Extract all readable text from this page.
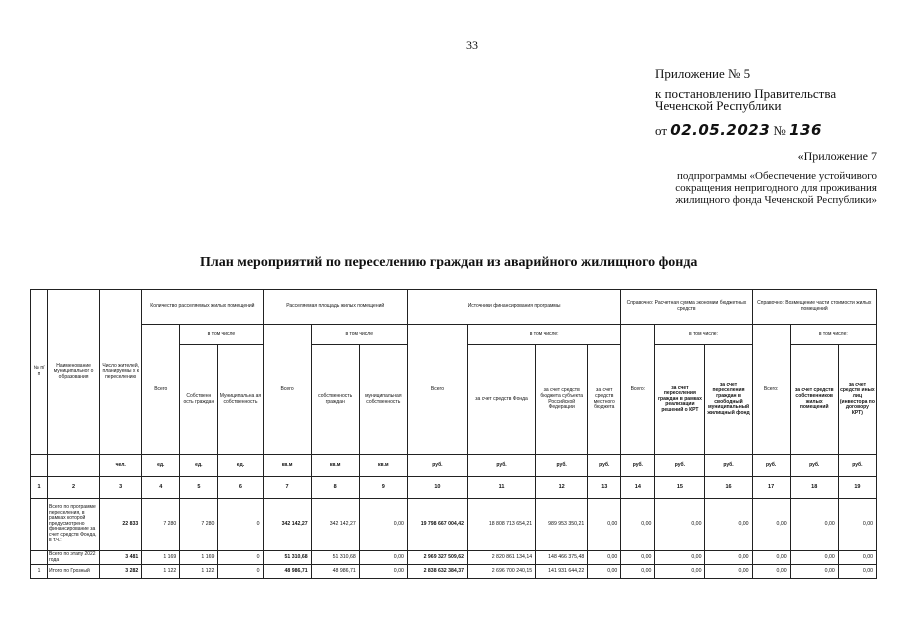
33
Приложение № 5
к постановлению Правительства
Чеченской Республики
от 02.05.2023 № 136
«Приложение 7
подпрограммы «Обеспечение устойчивого
сокращения непригодного для проживания
жилищного фонда Чеченской Республики»
План мероприятий по переселению граждан из аварийного жилищного фонда
№ п/ п	Наименование муниципальног о образования	Число жителей, планируемы х к переселению	Количество расселяемых жилых помещений			Расселяемая площадь жилых помещений			Источники финансирования программы				Справочно: Расчетная сумма экономии бюджетных средств			Справочно: Возмещение части стоимости жилых помещений		
			Всего	в том числе		Всего	в том числе		Всего	в том числе:			Всего:	в том числе:		Всего:	в том числе:	
				Собственн ость граждан	Муниципальна ая собственность		собственность граждан	муниципальная собственность		за счет средств Фонда	за счет средств бюджета субъекта Российской Федерации	за счет средств местного бюджета		за счет переселения граждан в рамках реализации решений о КРТ	за счет переселения граждан в свободный муниципальный жилищный фонд		за счет средств собственников жилых помещений	за счет средств иных лиц (инвестора по договору КРТ)
		чел.	ед.	ед.	ед.	кв.м	кв.м	кв.м	руб.	руб.	руб.	руб.	руб.	руб.	руб.	руб.	руб.	руб.
1	2	3	4	5	6	7	8	9	10	11	12	13	14	15	16	17	18	19
	Всего по программе переселения, в рамках которой предусмотрено финансирование за счет средств Фонда, в т.ч.:	22 833	7 280	7 280	0	342 142,27	342 142,27	0,00	19 798 667 004,42	18 808 713 654,21	989 953 350,21	0,00	0,00	0,00	0,00	0,00	0,00	0,00
	Всего по этапу 2022 года	3 481	1 169	1 169	0	51 310,68	51 310,68	0,00	2 969 327 509,62	2 820 861 134,14	148 466 375,48	0,00	0,00	0,00	0,00	0,00	0,00	0,00
1	Итого по Грозный	3 282	1 122	1 122	0	48 986,71	48 986,71	0,00	2 838 632 384,37	2 696 700 240,15	141 931 644,22	0,00	0,00	0,00	0,00	0,00	0,00	0,00
